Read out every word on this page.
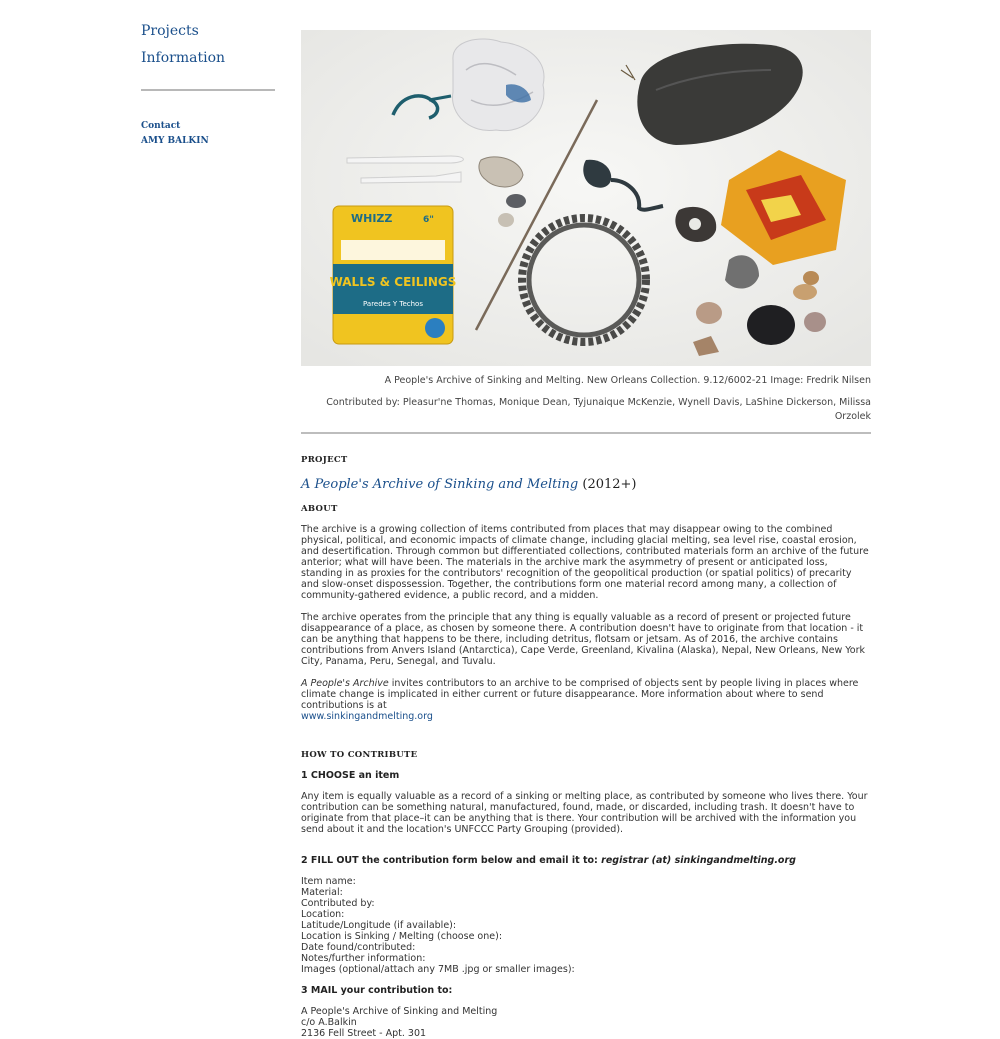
Projects
Information
Contact
AMY BALKIN
WHIZZ	6"
WALLS & CEILINGS
Paredes Y Techos
A People's Archive of Sinking and Melting. New Orleans Collection. 9.12/6002-21 Image: Fredrik Nilsen
Contributed by: Pleasur'ne Thomas, Monique Dean, Tyjunaique McKenzie, Wynell Davis, LaShine Dickerson, Milissa Orzolek
PROJECT
A People's Archive of Sinking and Melting (2012+)
ABOUT

The archive is a growing collection of items contributed from places that may disappear owing to the combined physical, political, and economic impacts of climate change, including glacial melting, sea level rise, coastal erosion, and desertification. Through common but differentiated collections, contributed materials form an archive of the future anterior; what will have been. The materials in the archive mark the asymmetry of present or anticipated loss, standing in as proxies for the contributors' recognition of the geopolitical production (or spatial politics) of precarity and slow-onset dispossession. Together, the contributions form one material record among many, a collection of community-gathered evidence, a public record, and a midden.

The archive operates from the principle that any thing is equally valuable as a record of present or projected future disappearance of a place, as chosen by someone there. A contribution doesn't have to originate from that location - it can be anything that happens to be there, including detritus, flotsam or jetsam. As of 2016, the archive contains contributions from Anvers Island (Antarctica), Cape Verde, Greenland, Kivalina (Alaska), Nepal, New Orleans, New York City, Panama, Peru, Senegal, and Tuvalu.

A People's Archive invites contributors to an archive to be comprised of objects sent by people living in places where climate change is implicated in either current or future disappearance. More information about where to send contributions is at
www.sinkingandmelting.org

HOW TO CONTRIBUTE
1 CHOOSE an item

Any item is equally valuable as a record of a sinking or melting place, as contributed by someone who lives there. Your contribution can be something natural, manufactured, found, made, or discarded, including trash. It doesn't have to originate from that place–it can be anything that is there. Your contribution will be archived with the information you send about it and the location's UNFCCC Party Grouping (provided).

2 FILL OUT the contribution form below and email it to: registrar (at) sinkingandmelting.org
Item name:
Material:
Contributed by:
Location:
Latitude/Longitude (if available):
Location is Sinking / Melting (choose one):
Date found/contributed:
Notes/further information:
Images (optional/attach any 7MB .jpg or smaller images):
3 MAIL your contribution to:
A People's Archive of Sinking and Melting
c/o A.Balkin
2136 Fell Street - Apt. 301
